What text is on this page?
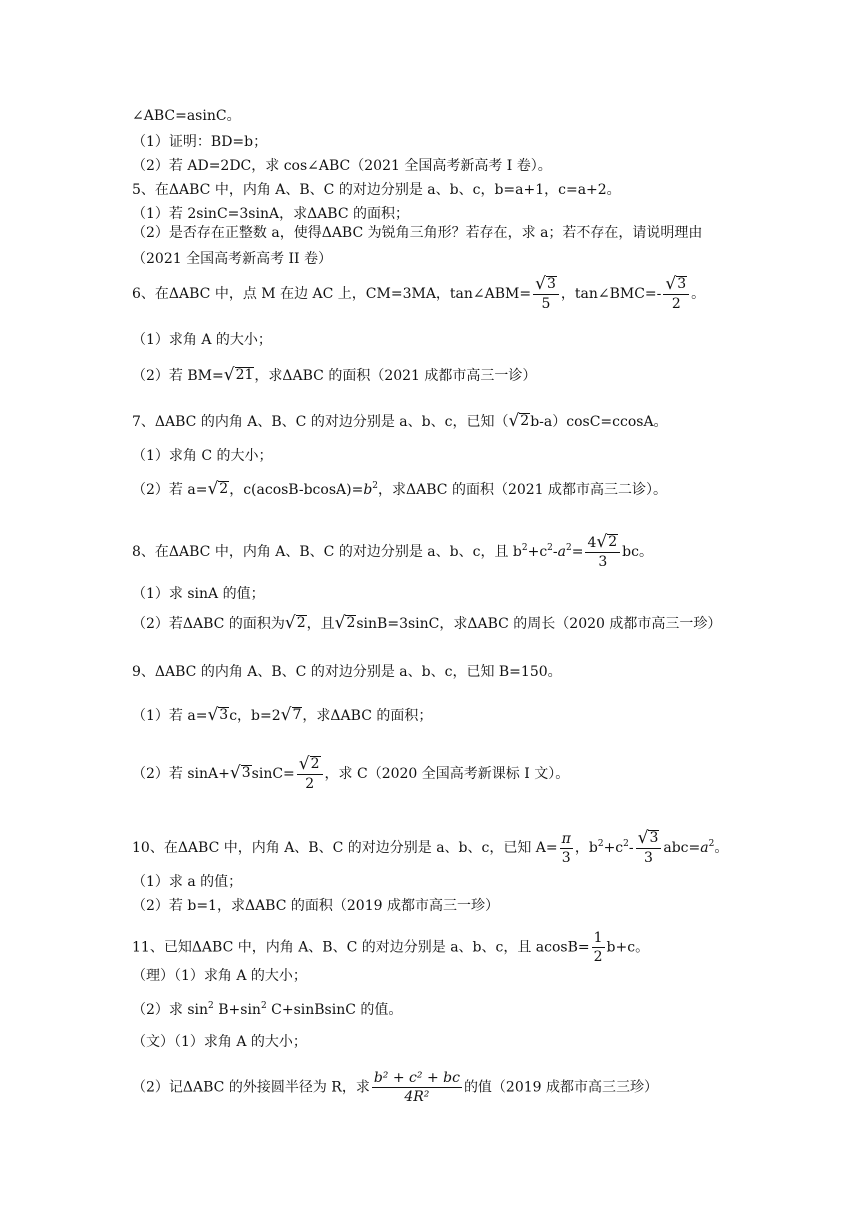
∠ABC=asinC。
（1）证明：BD=b；
（2）若 AD=2DC，求 cos∠ABC（2021 全国高考新高考 I 卷）。
5、在ΔABC 中，内角 A、B、C 的对边分别是 a、b、c，b=a+1，c=a+2。
（1）若 2sinC=3sinA，求ΔABC 的面积；
（2）是否存在正整数 a，使得ΔABC 为锐角三角形？若存在，求 a；若不存在，请说明理由（2021 全国高考新高考 II 卷）
6、在ΔABC 中，点 M 在边 AC 上，CM=3MA，tan∠ABM= $\frac{√ 3}{5}$ ，tan∠BMC=- $\frac{√ 3}{2}$ 。
（1）求角 A 的大小；
（2）若 BM= √ 21 ，求ΔABC 的面积（2021 成都市高三一诊）
7、ΔABC 的内角 A、B、C 的对边分别是 a、b、c，已知（ √ 2 b-a）cosC=ccosA。
（1）求角 C 的大小；
（2）若 a= √ 2 ，$c(acosB-bcosA)=b^2$，求ΔABC 的面积（2021 成都市高三二诊）。
8、在ΔABC 中，内角 A、B、C 的对边分别是 a、b、c，且 $b^2+c^2-a^2= \frac{4 √ 2}{3}$ bc。
（1）求 sinA 的值；
（2）若ΔABC 的面积为 √ 2 ，且 √ 2 sinB=3sinC，求ΔABC 的周长（2020 成都市高三一珍）
9、ΔABC 的内角 A、B、C 的对边分别是 a、b、c，已知 B=150。
（1）若 a= √ 3 c，b=2 √ 7 ，求ΔABC 的面积；
（2）若 sinA+ √ 3 $\sin C= \frac{√ 2}{2}$ ，求 C（2020 全国高考新课标 I 文）。
10、在ΔABC 中，内角 A、B、C 的对边分别是 a、b、c，已知 $A= \frac{\pi}{3}$ ，$b^2+c^2- \frac{√ 3}{3} abc=a^2$。
（1）求 a 的值；
（2）若 b=1，求ΔABC 的面积（2019 成都市高三一珍）
11、已知ΔABC 中，内角 A、B、C 的对边分别是 a、b、c，且 $acosB= \frac{1}{2} b+c$。
（理）（1）求角 A 的大小；
（2）求 $\sin^2 B+\sin^2$ C+sinBsinC 的值。
（文）（1）求角 A 的大小；
（2）记ΔABC 的外接圆半径为 R，求 $\frac{\text{b² + c² + bc}}{\text{4R²}}$ 的值（2019 成都市高三三珍）
